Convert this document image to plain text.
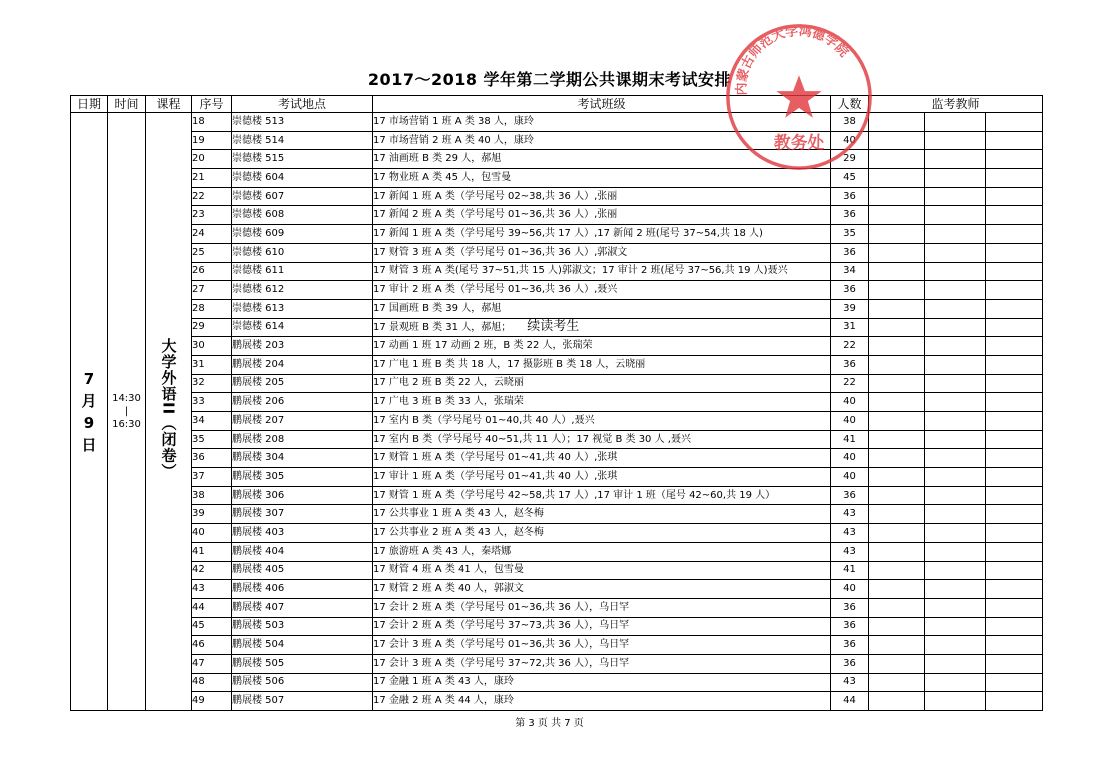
2017～2018 学年第二学期公共课期末考试安排
日期	时间	课程	序号	考试地点	考试班级	人数	监考教师		

7
月
9
日	14:30
|
16:30	大学外语II（闭卷）	18	崇德楼 513	17 市场营销 1 班 A 类 38 人，康玲	38			
			19	崇德楼 514	17 市场营销 2 班 A 类 40 人，康玲	40			
			20	崇德楼 515	17 油画班 B 类 29 人，郝旭	29			
			21	崇德楼 604	17 物业班 A 类 45 人，包雪曼	45			
			22	崇德楼 607	17 新闻 1 班 A 类（学号尾号 02~38,共 36 人）,张丽	36			
			23	崇德楼 608	17 新闻 2 班 A 类（学号尾号 01~36,共 36 人）,张丽	36			
			24	崇德楼 609	17 新闻 1 班 A 类（学号尾号 39~56,共 17 人）,17 新闻 2 班(尾号 37~54,共 18 人)	35			
			25	崇德楼 610	17 财管 3 班 A 类（学号尾号 01~36,共 36 人）,郭淑文	36			
			26	崇德楼 611	17 财管 3 班 A 类(尾号 37~51,共 15 人)郭淑文；17 审计 2 班(尾号 37~56,共 19 人)聂兴	34			
			27	崇德楼 612	17 审计 2 班 A 类（学号尾号 01~36,共 36 人）,聂兴	36			
			28	崇德楼 613	17 国画班 B 类 39 人，郝旭	39			
			29	崇德楼 614	17 景观班 B 类 31 人，郝旭； 续读考生	31			
			30	鹏展楼 203	17 动画 1 班 17 动画 2 班，B 类 22 人，张瑞荣	22			
			31	鹏展楼 204	17 广电 1 班 B 类 共 18 人，17 摄影班 B 类 18 人，云晓丽	36			
			32	鹏展楼 205	17 广电 2 班 B 类 22 人，云晓丽	22			
			33	鹏展楼 206	17 广电 3 班 B 类 33 人，张瑞荣	40			
			34	鹏展楼 207	17 室内 B 类（学号尾号 01~40,共 40 人）,聂兴	40			
			35	鹏展楼 208	17 室内 B 类（学号尾号 40~51,共 11 人）；17 视觉 B 类 30 人 ,聂兴	41			
			36	鹏展楼 304	17 财管 1 班 A 类（学号尾号 01~41,共 40 人）,张琪	40			
			37	鹏展楼 305	17 审计 1 班 A 类（学号尾号 01~41,共 40 人）,张琪	40			
			38	鹏展楼 306	17 财管 1 班 A 类（学号尾号 42~58,共 17 人）,17 审计 1 班（尾号 42~60,共 19 人）	36			
			39	鹏展楼 307	17 公共事业 1 班 A 类 43 人，赵冬梅	43			
			40	鹏展楼 403	17 公共事业 2 班 A 类 43 人，赵冬梅	43			
			41	鹏展楼 404	17 旅游班 A 类 43 人，秦塔娜	43			
			42	鹏展楼 405	17 财管 4 班 A 类 41 人，包雪曼	41			
			43	鹏展楼 406	17 财管 2 班 A 类 40 人，郭淑文	40			
			44	鹏展楼 407	17 会计 2 班 A 类（学号尾号 01~36,共 36 人），乌日罕	36			
			45	鹏展楼 503	17 会计 2 班 A 类（学号尾号 37~73,共 36 人），乌日罕	36			
			46	鹏展楼 504	17 会计 3 班 A 类（学号尾号 01~36,共 36 人），乌日罕	36			
			47	鹏展楼 505	17 会计 3 班 A 类（学号尾号 37~72,共 36 人），乌日罕	36			
			48	鹏展楼 506	17 金融 1 班 A 类 43 人，康玲	43			
			49	鹏展楼 507	17 金融 2 班 A 类 44 人，康玲	44			
第 3 页 共 7 页
内蒙古师范大学鸿德学院
教务处
